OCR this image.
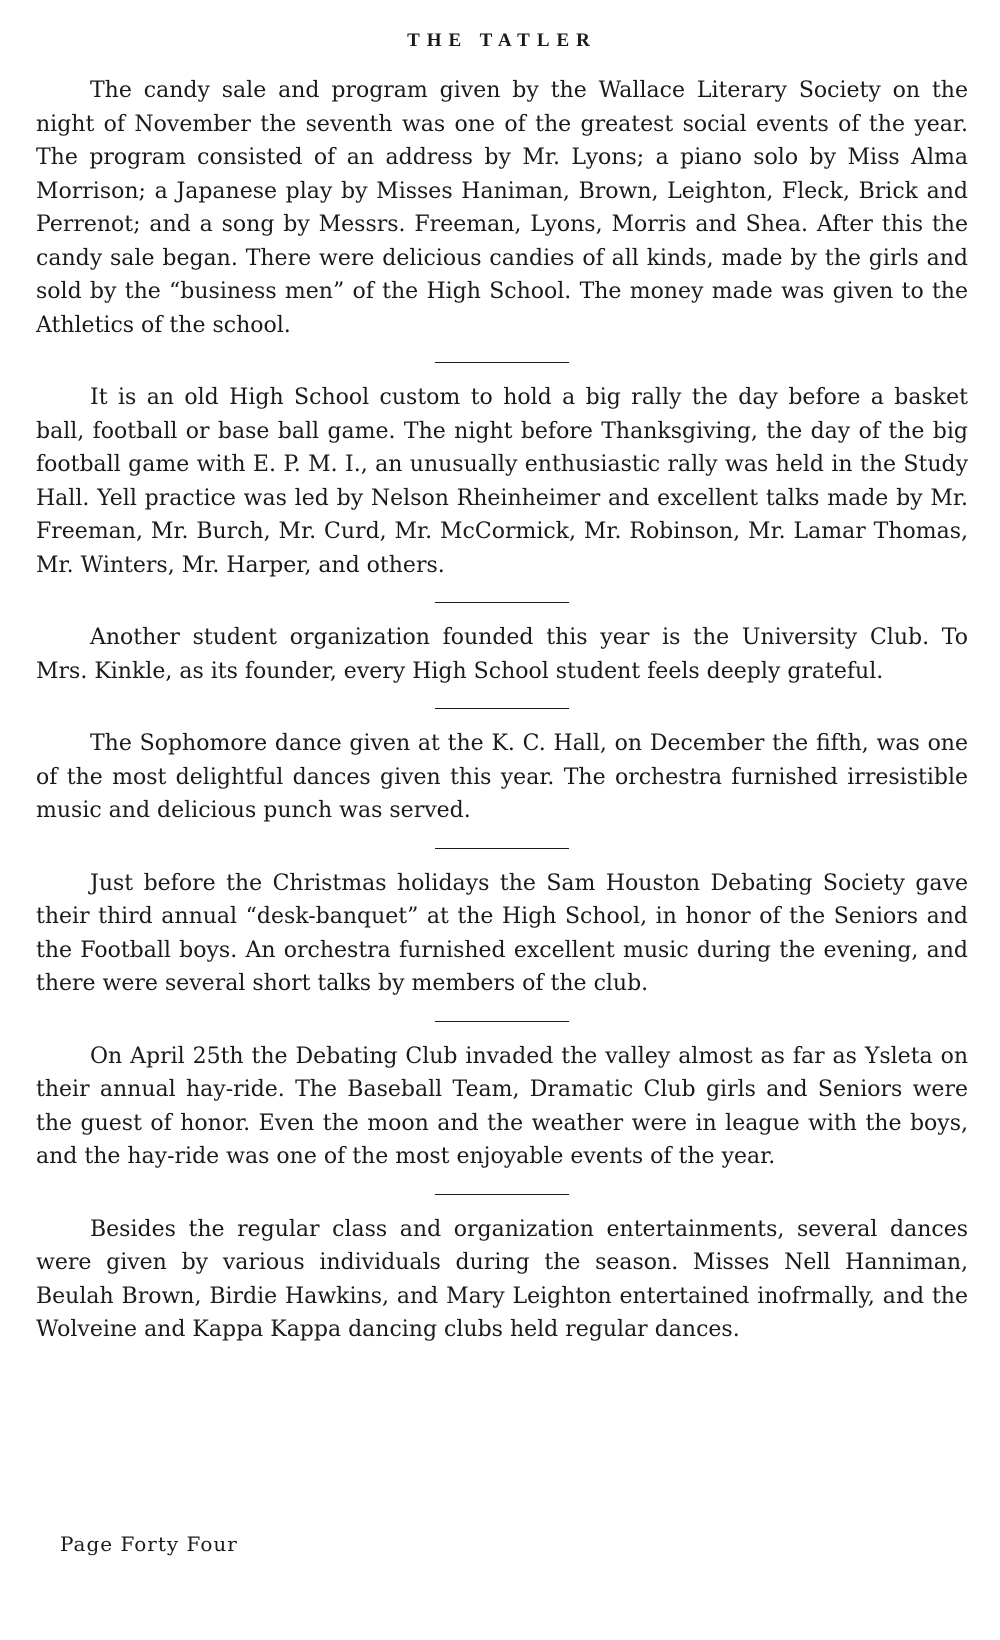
THE TATLER

The candy sale and program given by the Wallace Literary Society on the night of November the seventh was one of the greatest social events of the year. The program consisted of an address by Mr. Lyons; a piano solo by Miss Alma Morrison; a Japanese play by Misses Haniman, Brown, Leighton, Fleck, Brick and Perrenot; and a song by Messrs. Freeman, Lyons, Morris and Shea. After this the candy sale began. There were delicious candies of all kinds, made by the girls and sold by the “business men” of the High School. The money made was given to the Athletics of the school.

It is an old High School custom to hold a big rally the day before a basket ball, football or base ball game. The night before Thanksgiving, the day of the big football game with E. P. M. I., an unusually enthusiastic rally was held in the Study Hall. Yell practice was led by Nelson Rheinheimer and excellent talks made by Mr. Freeman, Mr. Burch, Mr. Curd, Mr. McCormick, Mr. Robinson, Mr. Lamar Thomas, Mr. Winters, Mr. Harper, and others.

Another student organization founded this year is the University Club. To Mrs. Kinkle, as its founder, every High School student feels deeply grateful.

The Sophomore dance given at the K. C. Hall, on December the fifth, was one of the most delightful dances given this year. The orchestra furnished irresistible music and delicious punch was served.

Just before the Christmas holidays the Sam Houston Debating Society gave their third annual “desk-banquet” at the High School, in honor of the Seniors and the Football boys. An orchestra furnished excellent music during the evening, and there were several short talks by members of the club.

On April 25th the Debating Club invaded the valley almost as far as Ysleta on their annual hay-ride. The Baseball Team, Dramatic Club girls and Seniors were the guest of honor. Even the moon and the weather were in league with the boys, and the hay-ride was one of the most enjoyable events of the year.

Besides the regular class and organization entertainments, several dances were given by various individuals during the season. Misses Nell Hanniman, Beulah Brown, Birdie Hawkins, and Mary Leighton entertained inofrmally, and the Wolveine and Kappa Kappa dancing clubs held regular dances.

Page Forty Four
